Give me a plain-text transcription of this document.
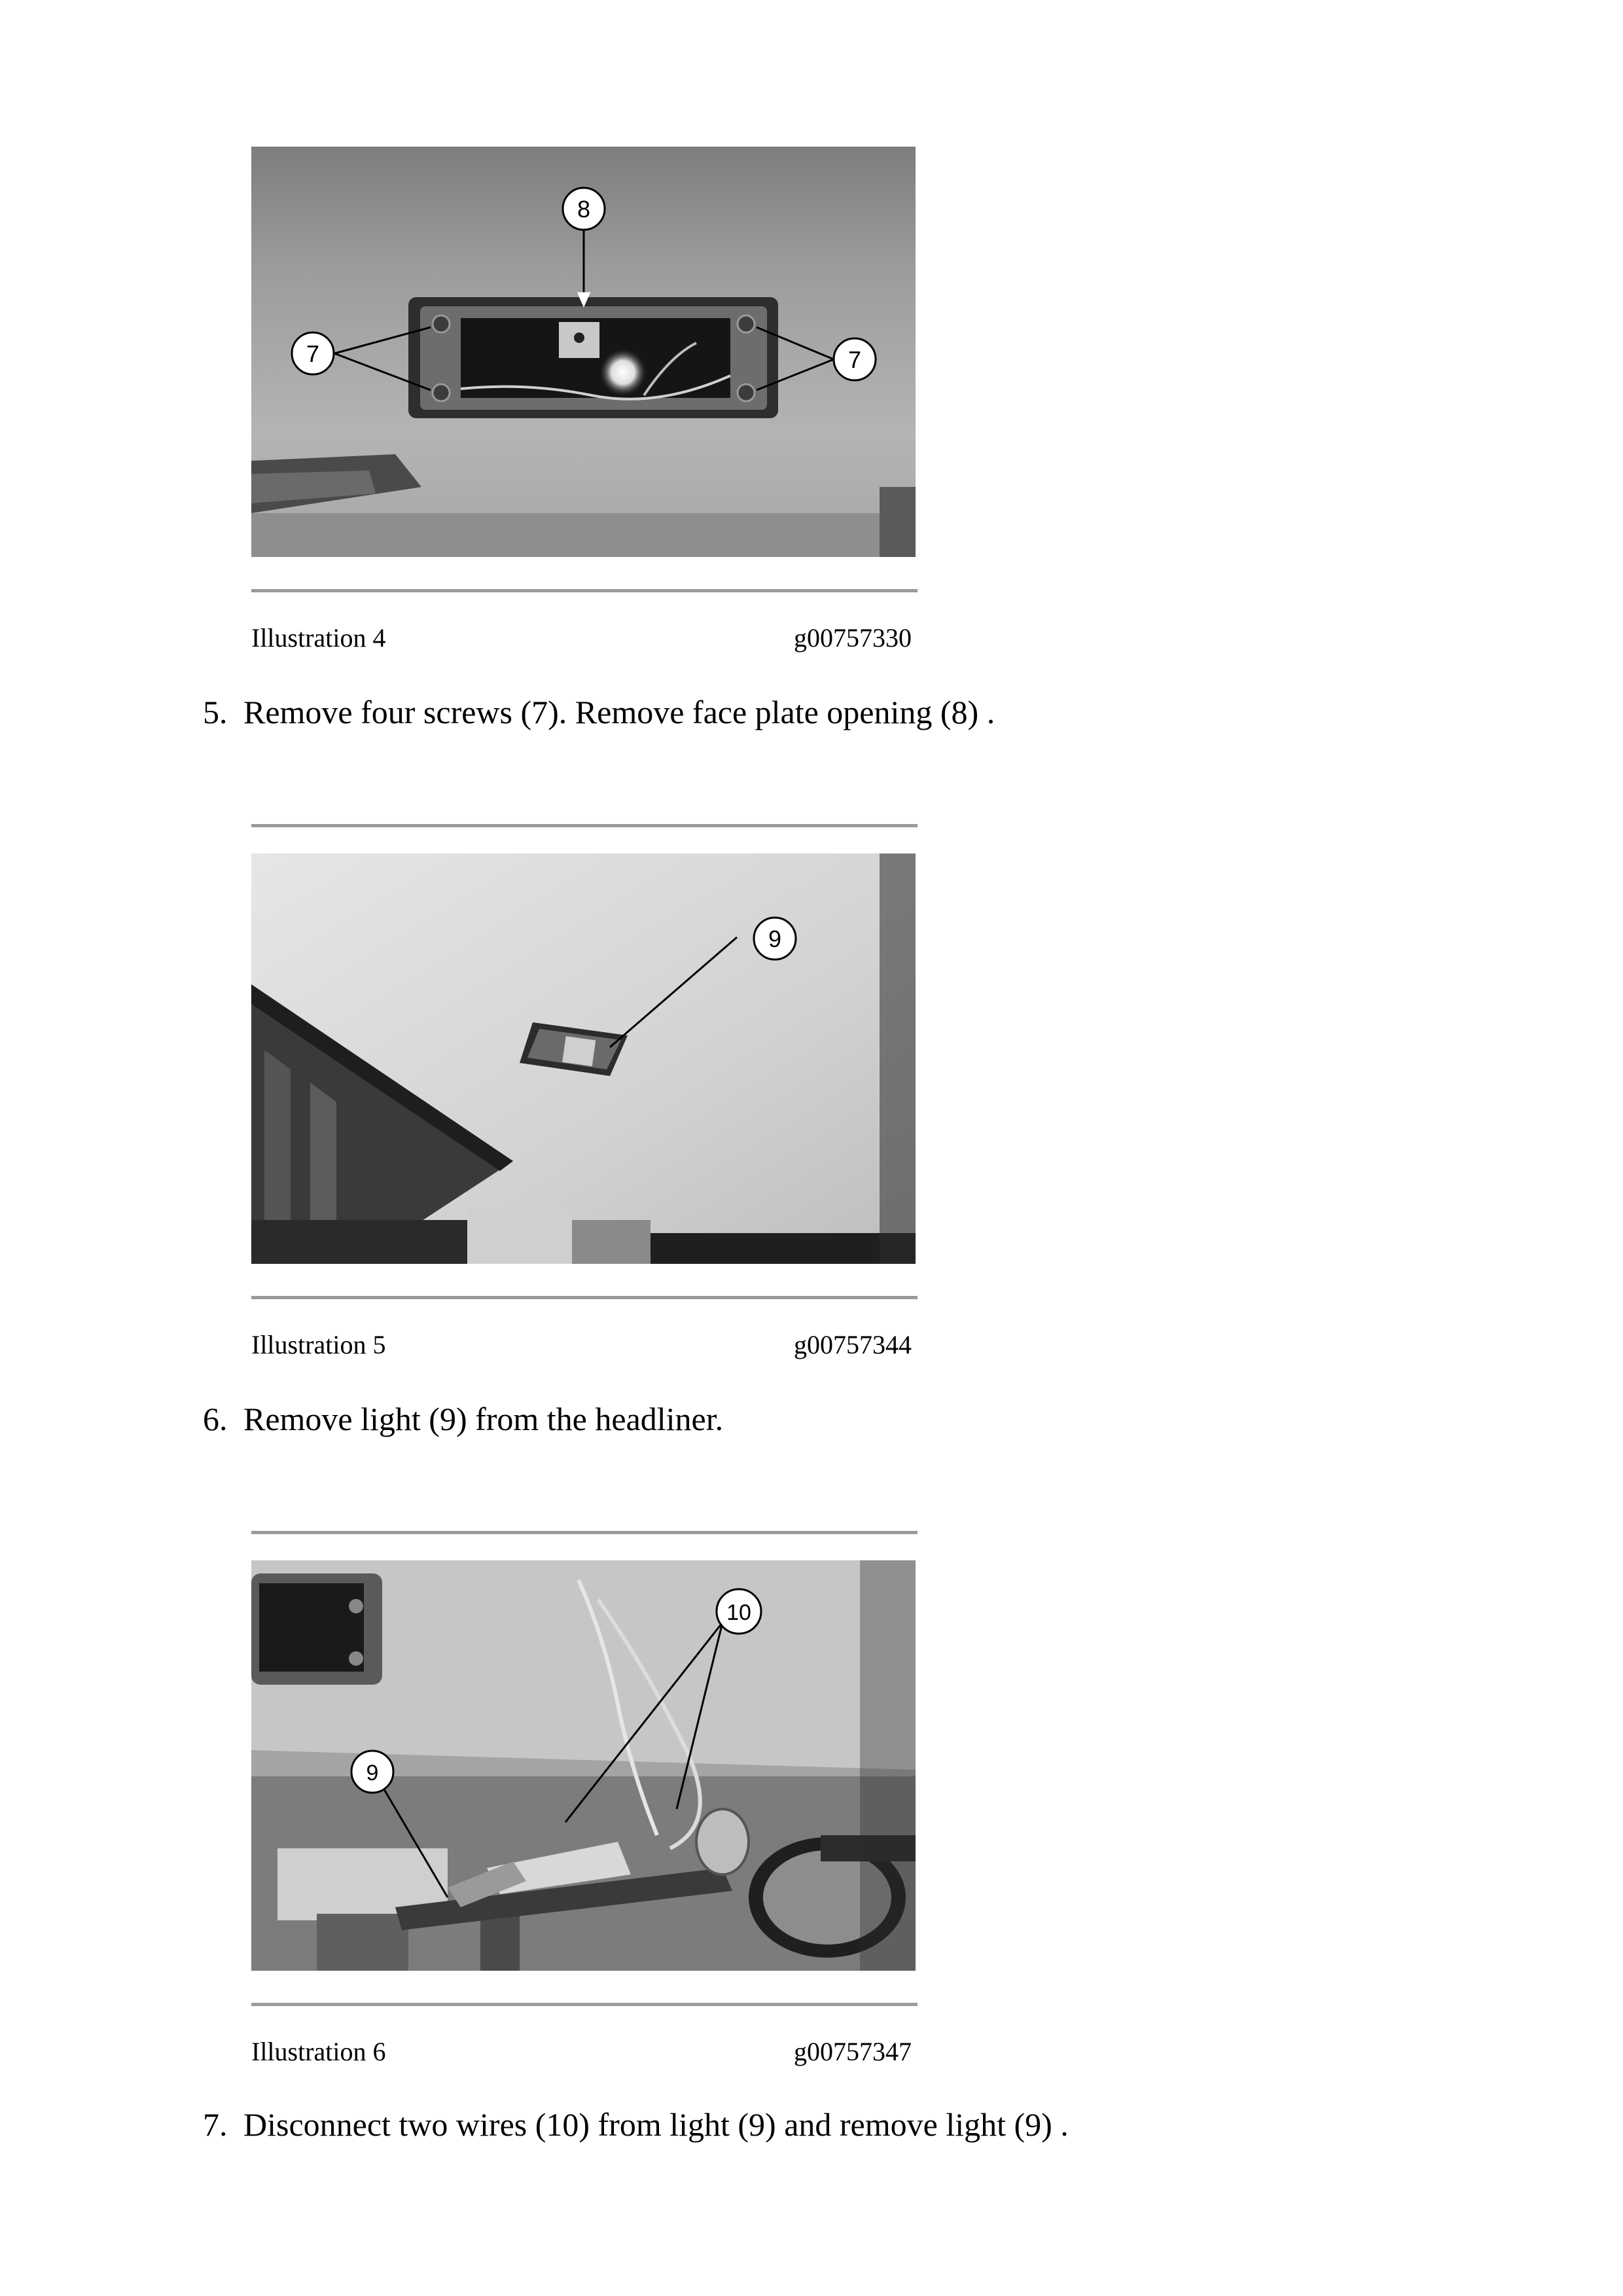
8
7	7
Illustration 4	g00757330
5. Remove four screws (7). Remove face plate opening (8) .
9
Illustration 5	g00757344
6. Remove light (9) from the headliner.
10
9
Illustration 6	g00757347
7. Disconnect two wires (10) from light (9) and remove light (9) .
